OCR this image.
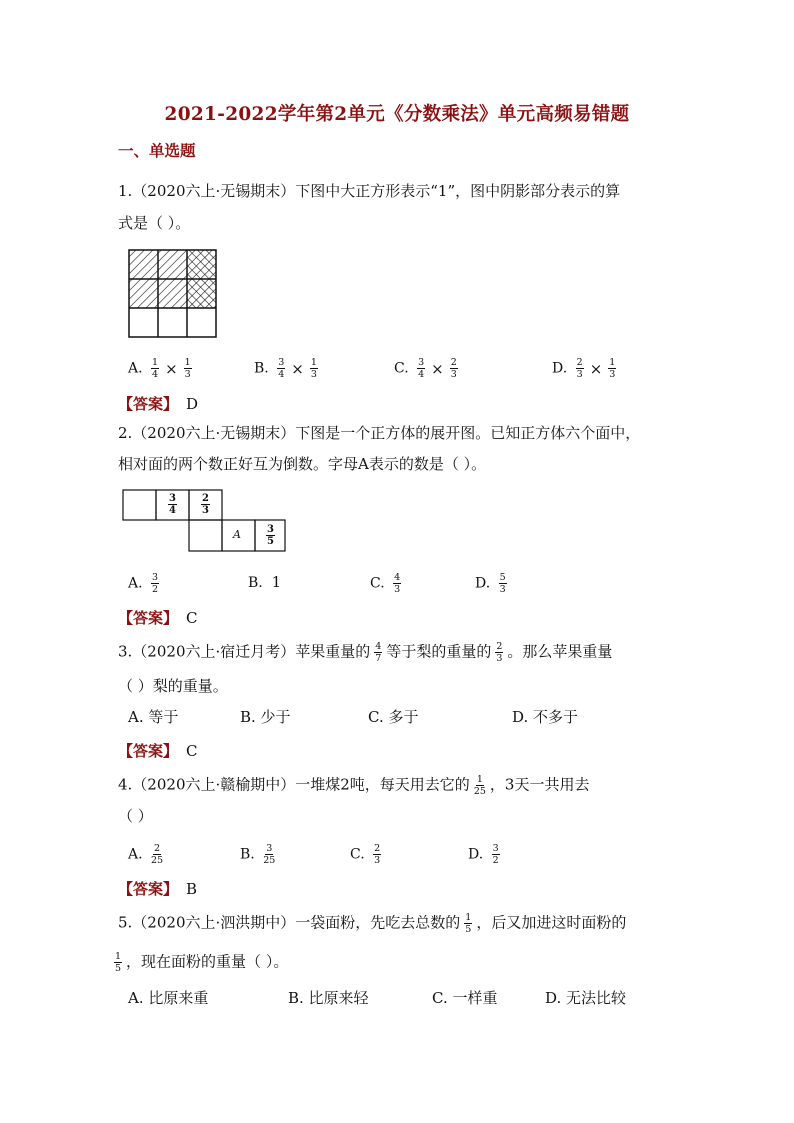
2021-2022学年第2单元《分数乘法》单元高频易错题
一、单选题
1.（2020六上·无锡期末）下图中大正方形表示“1”，图中阴影部分表示的算
式是（ ）。
A. $\frac{1}{4} \times \frac{1}{3}$	B. $\frac{3}{4} \times \frac{1}{3}$	C. $\frac{3}{4} \times \frac{2}{3}$	D. $\frac{2}{3} \times \frac{1}{3}$
【答案】 D
2.（2020六上·无锡期末）下图是一个正方体的展开图。已知正方体六个面中，
相对面的两个数正好互为倒数。字母A表示的数是（ ）。
$\frac{3}{4} \frac{2}{3}$
A	$\frac{3}{5}$
A. $\frac{3}{2}$	B. 1	C. $\frac{4}{3}$	D. $\frac{5}{3}$
【答案】 C
3.（2020六上·宿迁月考）苹果重量的 $\frac{4}{7}$ 等于梨的重量的 $\frac{2}{3}$ 。那么苹果重量
（ ）梨的重量。
A. 等于	B. 少于	C. 多于	D. 不多于
【答案】 C
4.（2020六上·赣榆期中）一堆煤2吨，每天用去它的 $\frac{1}{25}$ ，3天一共用去
（ ）
A. $\frac{2}{25}$	B. $\frac{3}{25}$	C. $\frac{2}{3}$	D. $\frac{3}{2}$
【答案】 B
5.（2020六上·泗洪期中）一袋面粉，先吃去总数的 $\frac{1}{5}$ ，后又加进这时面粉的
$\frac{1}{5}$ ，现在面粉的重量（ ）。
A. 比原来重	B. 比原来轻	C. 一样重	D. 无法比较
